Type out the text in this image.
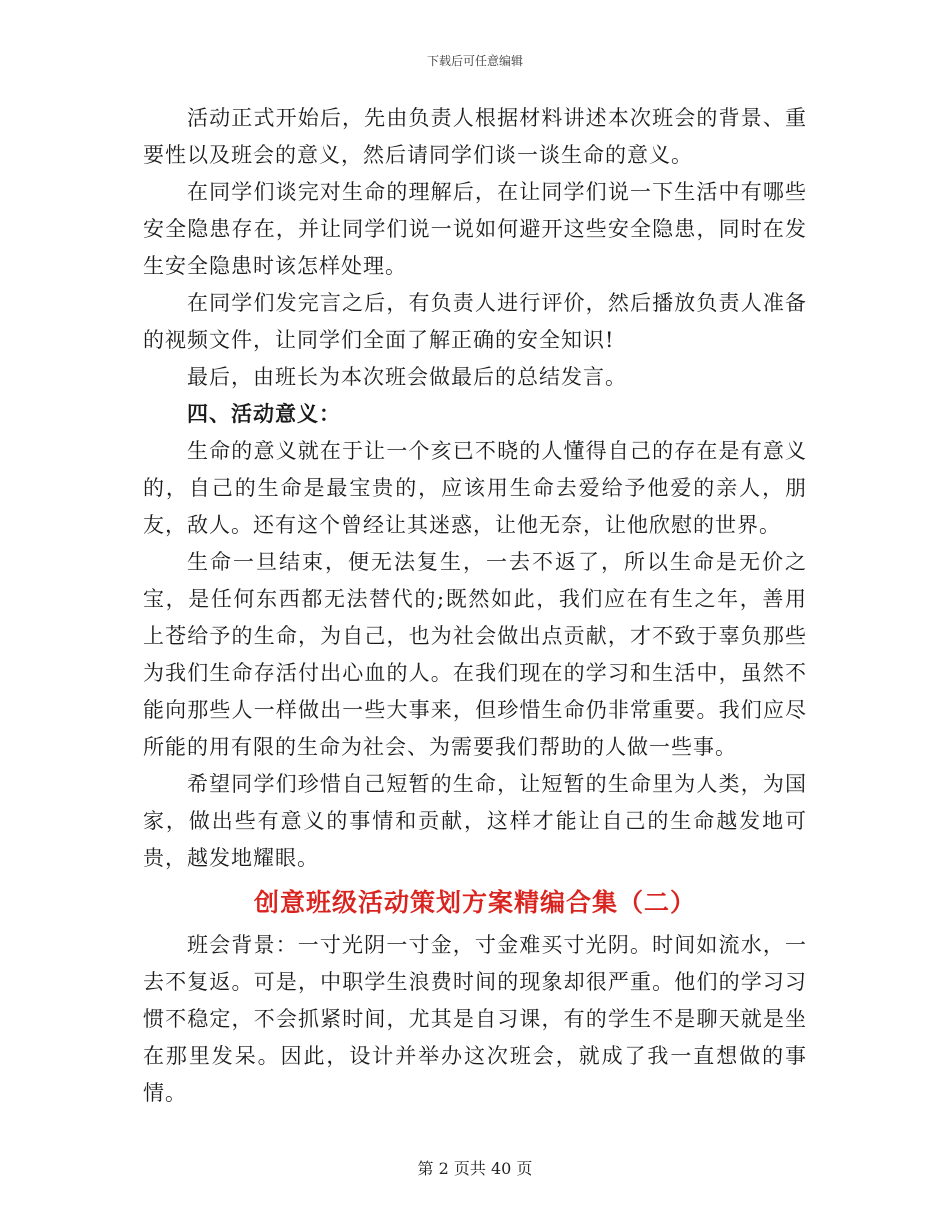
下载后可任意编辑

活动正式开始后，先由负责人根据材料讲述本次班会的背景、重要性以及班会的意义，然后请同学们谈一谈生命的意义。

在同学们谈完对生命的理解后，在让同学们说一下生活中有哪些安全隐患存在，并让同学们说一说如何避开这些安全隐患，同时在发生安全隐患时该怎样处理。

在同学们发完言之后，有负责人进行评价，然后播放负责人准备的视频文件，让同学们全面了解正确的安全知识!

最后，由班长为本次班会做最后的总结发言。

四、活动意义：

生命的意义就在于让一个亥已不晓的人懂得自己的存在是有意义的，自己的生命是最宝贵的，应该用生命去爱给予他爱的亲人，朋友，敌人。还有这个曾经让其迷惑，让他无奈，让他欣慰的世界。

生命一旦结束，便无法复生，一去不返了，所以生命是无价之宝，是任何东西都无法替代的;既然如此，我们应在有生之年，善用上苍给予的生命，为自己，也为社会做出点贡献，才不致于辜负那些为我们生命存活付出心血的人。在我们现在的学习和生活中，虽然不能向那些人一样做出一些大事来，但珍惜生命仍非常重要。我们应尽所能的用有限的生命为社会、为需要我们帮助的人做一些事。

希望同学们珍惜自己短暂的生命，让短暂的生命里为人类，为国家，做出些有意义的事情和贡献，这样才能让自己的生命越发地可贵，越发地耀眼。

创意班级活动策划方案精编合集（二）

班会背景：一寸光阴一寸金，寸金难买寸光阴。时间如流水，一去不复返。可是，中职学生浪费时间的现象却很严重。他们的学习习惯不稳定，不会抓紧时间，尤其是自习课，有的学生不是聊天就是坐在那里发呆。因此，设计并举办这次班会，就成了我一直想做的事情。

第 2 页共 40 页
